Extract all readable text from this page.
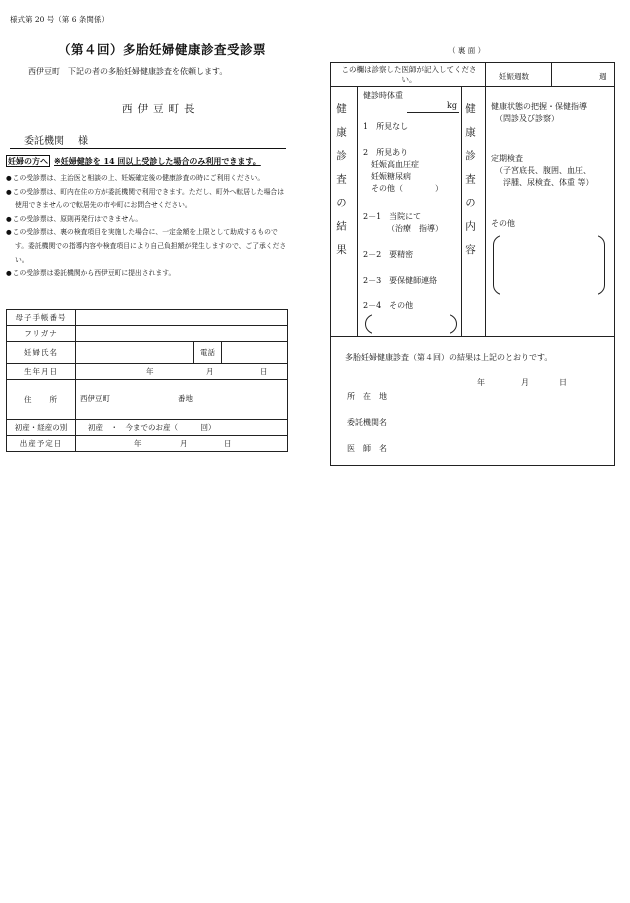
様式第 20 号（第 6 条関係）
（第４回）多胎妊婦健康診査受診票
西伊豆町　下記の者の多胎妊婦健康診査を依頼します。
西伊豆町長
委託機関 様
妊婦の方へ ※妊婦健診を 14 回以上受診した場合のみ利用できます。
● この受診票は、主治医と相談の上、妊娠確定後の健康診査の時にご利用ください。
● この受診票は、町内在住の方が委託機関で利用できます。ただし、町外へ転居した場合は使用できませんので転居先の市や町にお問合せください。
● この受診票は、原則再発行はできません。
● この受診票は、裏の検査項目を実施した場合に、一定金額を上限として助成するものです。委託機関での指導内容や検査項目により自己負担額が発生しますので、ご了承ください。
● この受診票は委託機関から西伊豆町に提出されます。
母子手帳番号			
フリガナ			
妊婦氏名		電話	
生年月日	年 月 日		

住　　所	西伊豆町 番地		

初産・経産の別	初産　・　今までのお産（　　　回）		
出産予定日	年 月 日		
（ 裏 面 ）
この欄は診察した医師が記入してください。	妊娠週数	週
健康診査の結果	健康診査の内容
健診時体重
kg
1　所見なし
2　所見あり
妊娠高血圧症
妊娠糖尿病
その他（　　　　）
2－1　当院にて
（治療　指導）
2－2　要精密
2－3　要保健師連絡
2－4　その他
健康状態の把握・保健指導
（問診及び診察）
定期検査
（子宮底長、腹囲、血圧、
浮腫、尿検査、体重 等）
その他
多胎妊婦健康診査（第４回）の結果は上記のとおりです。
年	月	日
所　在　地
委託機関名
医　師　名
